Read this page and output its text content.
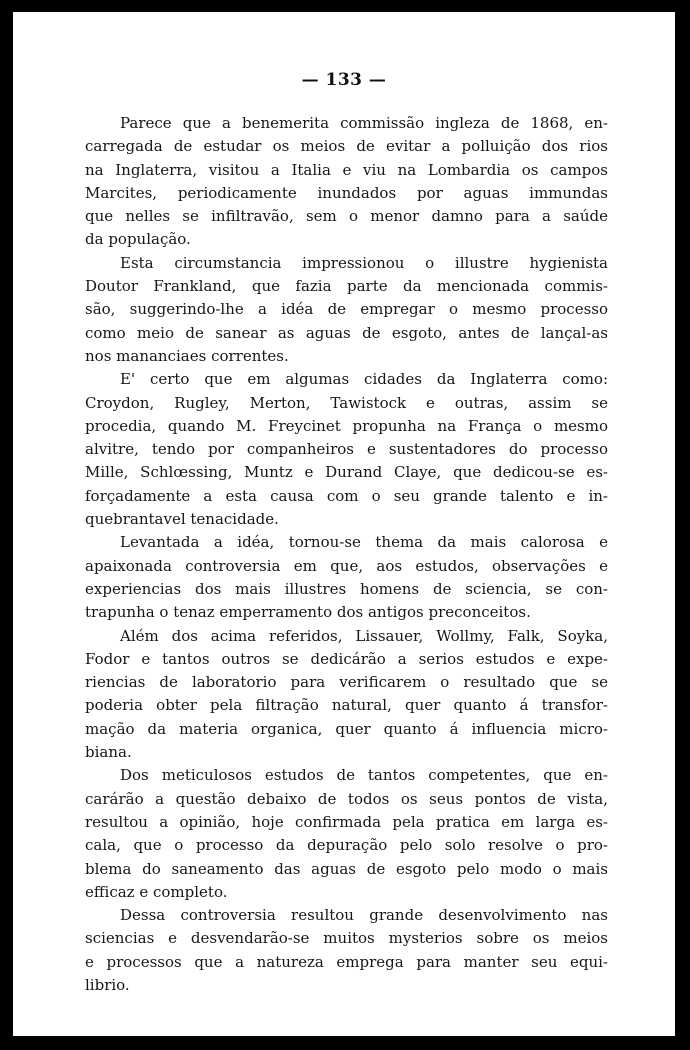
— 133 —

Parece que a benemerita commissão ingleza de 1868, en-
carregada de estudar os meios de evitar a polluição dos rios
na Inglaterra, visitou a Italia e viu na Lombardia os campos
Marcites, periodicamente inundados por aguas immundas
que nelles se infiltravão, sem o menor damno para a saúde
da população.

Esta circumstancia impressionou o illustre hygienista
Doutor Frankland, que fazia parte da mencionada commis-
são, suggerindo-lhe a idéa de empregar o mesmo processo
como meio de sanear as aguas de esgoto, antes de lançal-as
nos mananciaes correntes.

E' certo que em algumas cidades da Inglaterra como:
Croydon, Rugley, Merton, Tawistock e outras, assim se
procedia, quando M. Freycinet propunha na França o mesmo
alvitre, tendo por companheiros e sustentadores do processo
Mille, Schlœssing, Muntz e Durand Claye, que dedicou-se es-
forçadamente a esta causa com o seu grande talento e in-
quebrantavel tenacidade.

Levantada a idéa, tornou-se thema da mais calorosa e
apaixonada controversia em que, aos estudos, observações e
experiencias dos mais illustres homens de sciencia, se con-
trapunha o tenaz emperramento dos antigos preconceitos.

Além dos acima referidos, Lissauer, Wollmy, Falk, Soyka,
Fodor e tantos outros se dedicárão a serios estudos e expe-
riencias de laboratorio para verificarem o resultado que se
poderia obter pela filtração natural, quer quanto á transfor-
mação da materia organica, quer quanto á influencia micro-
biana.

Dos meticulosos estudos de tantos competentes, que en-
carárão a questão debaixo de todos os seus pontos de vista,
resultou a opinião, hoje confirmada pela pratica em larga es-
cala, que o processo da depuração pelo solo resolve o pro-
blema do saneamento das aguas de esgoto pelo modo o mais
efficaz e completo.

Dessa controversia resultou grande desenvolvimento nas
sciencias e desvendarão-se muitos mysterios sobre os meios
e processos que a natureza emprega para manter seu equi-
librio.
